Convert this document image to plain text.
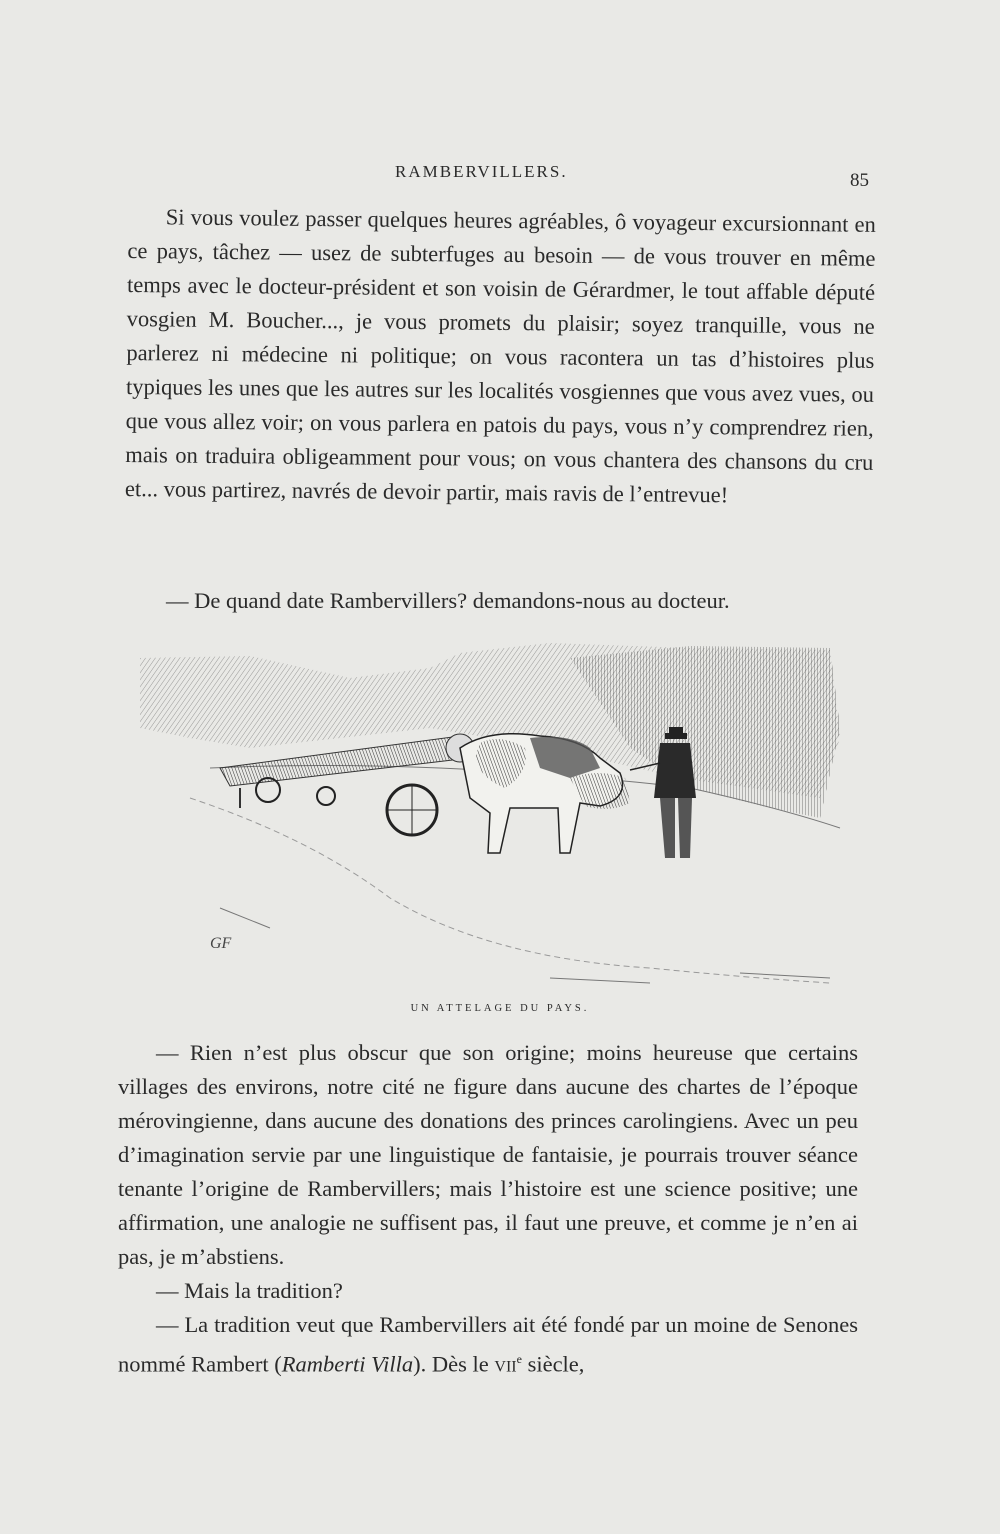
RAMBERVILLERS.	85

Si vous voulez passer quelques heures agréables, ô voyageur excursionnant en ce pays, tâchez — usez de subterfuges au besoin — de vous trouver en même temps avec le docteur-président et son voisin de Gérardmer, le tout affable député vosgien M. Boucher..., je vous promets du plaisir; soyez tranquille, vous ne parlerez ni médecine ni politique; on vous racontera un tas d’histoires plus typiques les unes que les autres sur les localités vosgiennes que vous avez vues, ou que vous allez voir; on vous parlera en patois du pays, vous n’y comprendrez rien, mais on traduira obligeamment pour vous; on vous chantera des chansons du cru et... vous partirez, navrés de devoir partir, mais ravis de l’entrevue!

— De quand date Rambervillers? demandons-nous au docteur.

GF
UN ATTELAGE DU PAYS.

— Rien n’est plus obscur que son origine; moins heureuse que certains villages des environs, notre cité ne figure dans aucune des chartes de l’époque mérovingienne, dans aucune des donations des princes carolingiens. Avec un peu d’imagination servie par une linguistique de fantaisie, je pourrais trouver séance tenante l’origine de Rambervillers; mais l’histoire est une science positive; une affirmation, une analogie ne suffisent pas, il faut une preuve, et comme je n’en ai pas, je m’abstiens.

— Mais la tradition?

— La tradition veut que Rambervillers ait été fondé par un moine de Senones nommé Rambert (Ramberti Villa). Dès le vii$^e$ siècle,
